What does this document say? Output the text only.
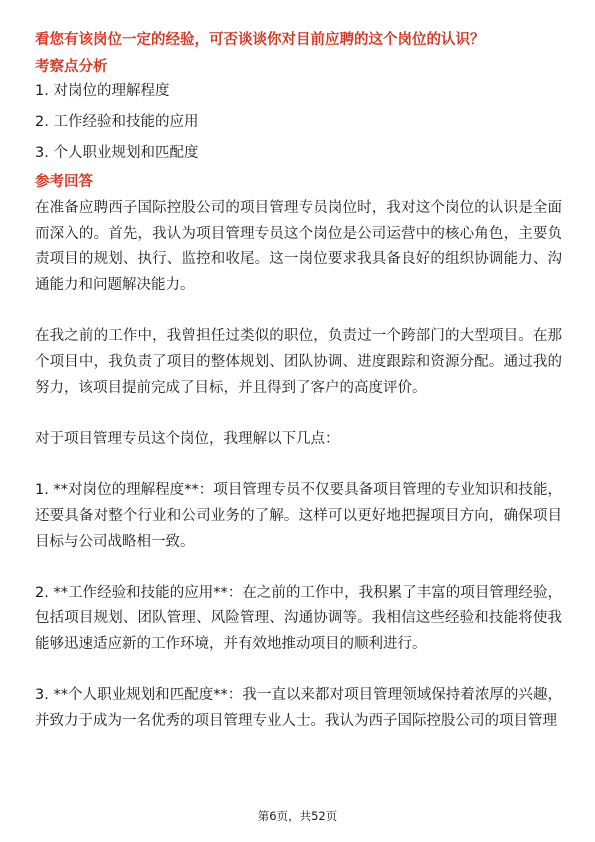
看您有该岗位一定的经验，可否谈谈你对目前应聘的这个岗位的认识？

考察点分析

1. 对岗位的理解程度
2. 工作经验和技能的应用
3. 个人职业规划和匹配度

参考回答

在准备应聘西子国际控股公司的项目管理专员岗位时，我对这个岗位的认识是全面而深入的。首先，我认为项目管理专员这个岗位是公司运营中的核心角色，主要负责项目的规划、执行、监控和收尾。这一岗位要求我具备良好的组织协调能力、沟通能力和问题解决能力。

在我之前的工作中，我曾担任过类似的职位，负责过一个跨部门的大型项目。在那个项目中，我负责了项目的整体规划、团队协调、进度跟踪和资源分配。通过我的努力，该项目提前完成了目标，并且得到了客户的高度评价。

对于项目管理专员这个岗位，我理解以下几点：

1. **对岗位的理解程度**：项目管理专员不仅要具备项目管理的专业知识和技能，还要具备对整个行业和公司业务的了解。这样可以更好地把握项目方向，确保项目目标与公司战略相一致。

2. **工作经验和技能的应用**：在之前的工作中，我积累了丰富的项目管理经验，包括项目规划、团队管理、风险管理、沟通协调等。我相信这些经验和技能将使我能够迅速适应新的工作环境，并有效地推动项目的顺利进行。

3. **个人职业规划和匹配度**：我一直以来都对项目管理领域保持着浓厚的兴趣，并致力于成为一名优秀的项目管理专业人士。我认为西子国际控股公司的项目管理

第6页，共52页
